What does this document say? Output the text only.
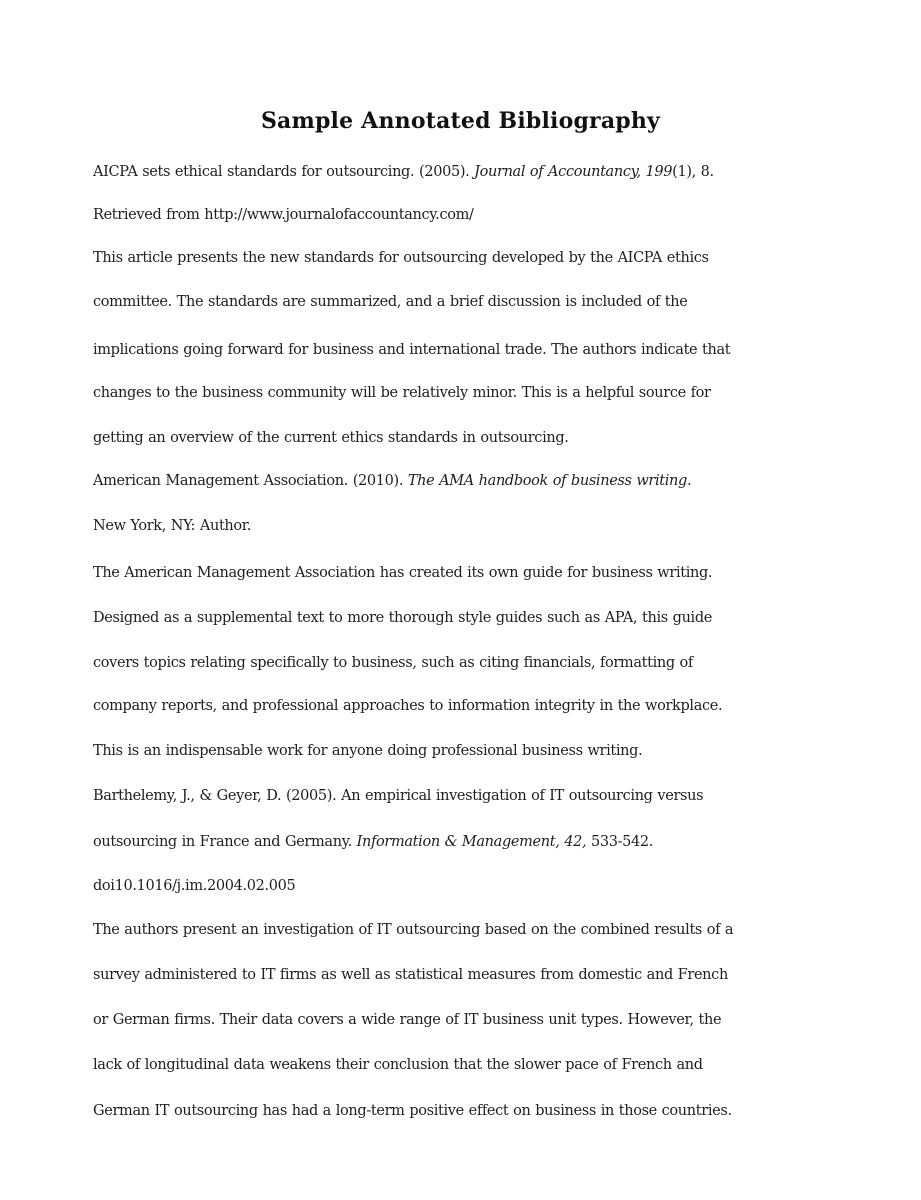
Sample Annotated Bibliography
AICPA sets ethical standards for outsourcing. (2005). Journal of Accountancy, 199(1), 8.
Retrieved from http://www.journalofaccountancy.com/
This article presents the new standards for outsourcing developed by the AICPA ethics
committee. The standards are summarized, and a brief discussion is included of the
implications going forward for business and international trade. The authors indicate that
changes to the business community will be relatively minor. This is a helpful source for
getting an overview of the current ethics standards in outsourcing.
American Management Association. (2010). The AMA handbook of business writing.
New York, NY: Author.
The American Management Association has created its own guide for business writing.
Designed as a supplemental text to more thorough style guides such as APA, this guide
covers topics relating specifically to business, such as citing financials, formatting of
company reports, and professional approaches to information integrity in the workplace.
This is an indispensable work for anyone doing professional business writing.
Barthelemy, J., & Geyer, D. (2005). An empirical investigation of IT outsourcing versus
outsourcing in France and Germany. Information & Management, 42, 533-542.
doi10.1016/j.im.2004.02.005
The authors present an investigation of IT outsourcing based on the combined results of a
survey administered to IT firms as well as statistical measures from domestic and French
or German firms. Their data covers a wide range of IT business unit types. However, the
lack of longitudinal data weakens their conclusion that the slower pace of French and
German IT outsourcing has had a long-term positive effect on business in those countries.
